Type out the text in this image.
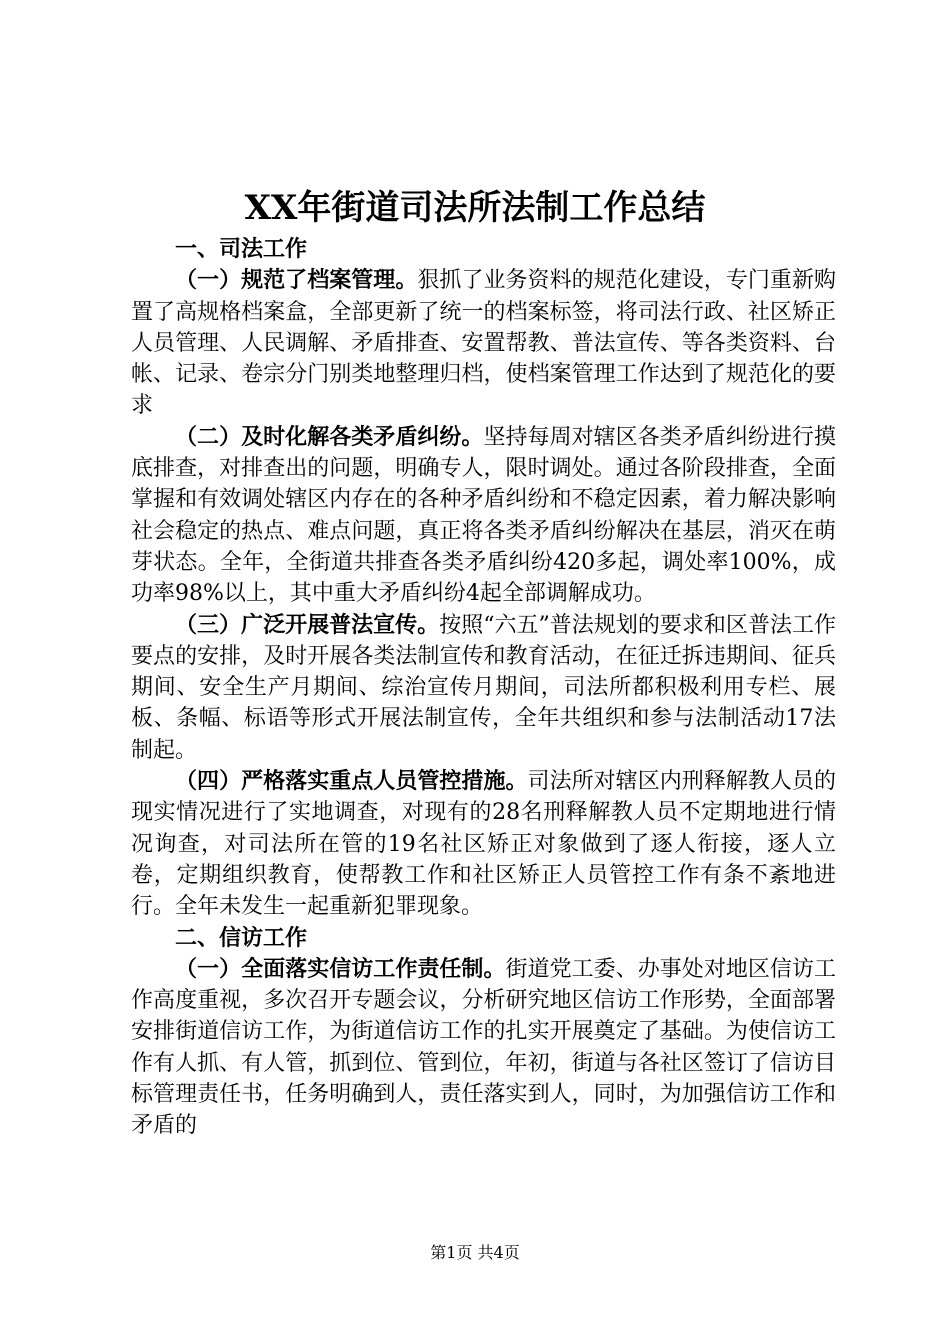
XX年街道司法所法制工作总结

一、司法工作

（一）规范了档案管理。狠抓了业务资料的规范化建设，专门重新购置了高规格档案盒，全部更新了统一的档案标签，将司法行政、社区矫正人员管理、人民调解、矛盾排查、安置帮教、普法宣传、等各类资料、台帐、记录、卷宗分门别类地整理归档，使档案管理工作达到了规范化的要求

（二）及时化解各类矛盾纠纷。坚持每周对辖区各类矛盾纠纷进行摸底排查，对排查出的问题，明确专人，限时调处。通过各阶段排查，全面掌握和有效调处辖区内存在的各种矛盾纠纷和不稳定因素，着力解决影响社会稳定的热点、难点问题，真正将各类矛盾纠纷解决在基层，消灭在萌芽状态。全年，全街道共排查各类矛盾纠纷420多起，调处率100%，成功率98%以上，其中重大矛盾纠纷4起全部调解成功。

（三）广泛开展普法宣传。按照“六五”普法规划的要求和区普法工作要点的安排，及时开展各类法制宣传和教育活动，在征迁拆违期间、征兵期间、安全生产月期间、综治宣传月期间，司法所都积极利用专栏、展板、条幅、标语等形式开展法制宣传，全年共组织和参与法制活动17法制起。

（四）严格落实重点人员管控措施。司法所对辖区内刑释解教人员的现实情况进行了实地调查，对现有的28名刑释解教人员不定期地进行情况询查，对司法所在管的19名社区矫正对象做到了逐人衔接，逐人立卷，定期组织教育，使帮教工作和社区矫正人员管控工作有条不紊地进行。全年未发生一起重新犯罪现象。

二、信访工作

（一）全面落实信访工作责任制。街道党工委、办事处对地区信访工作高度重视，多次召开专题会议，分析研究地区信访工作形势，全面部署安排街道信访工作，为街道信访工作的扎实开展奠定了基础。为使信访工作有人抓、有人管，抓到位、管到位，年初，街道与各社区签订了信访目标管理责任书，任务明确到人，责任落实到人，同时，为加强信访工作和矛盾的

第1页 共4页
